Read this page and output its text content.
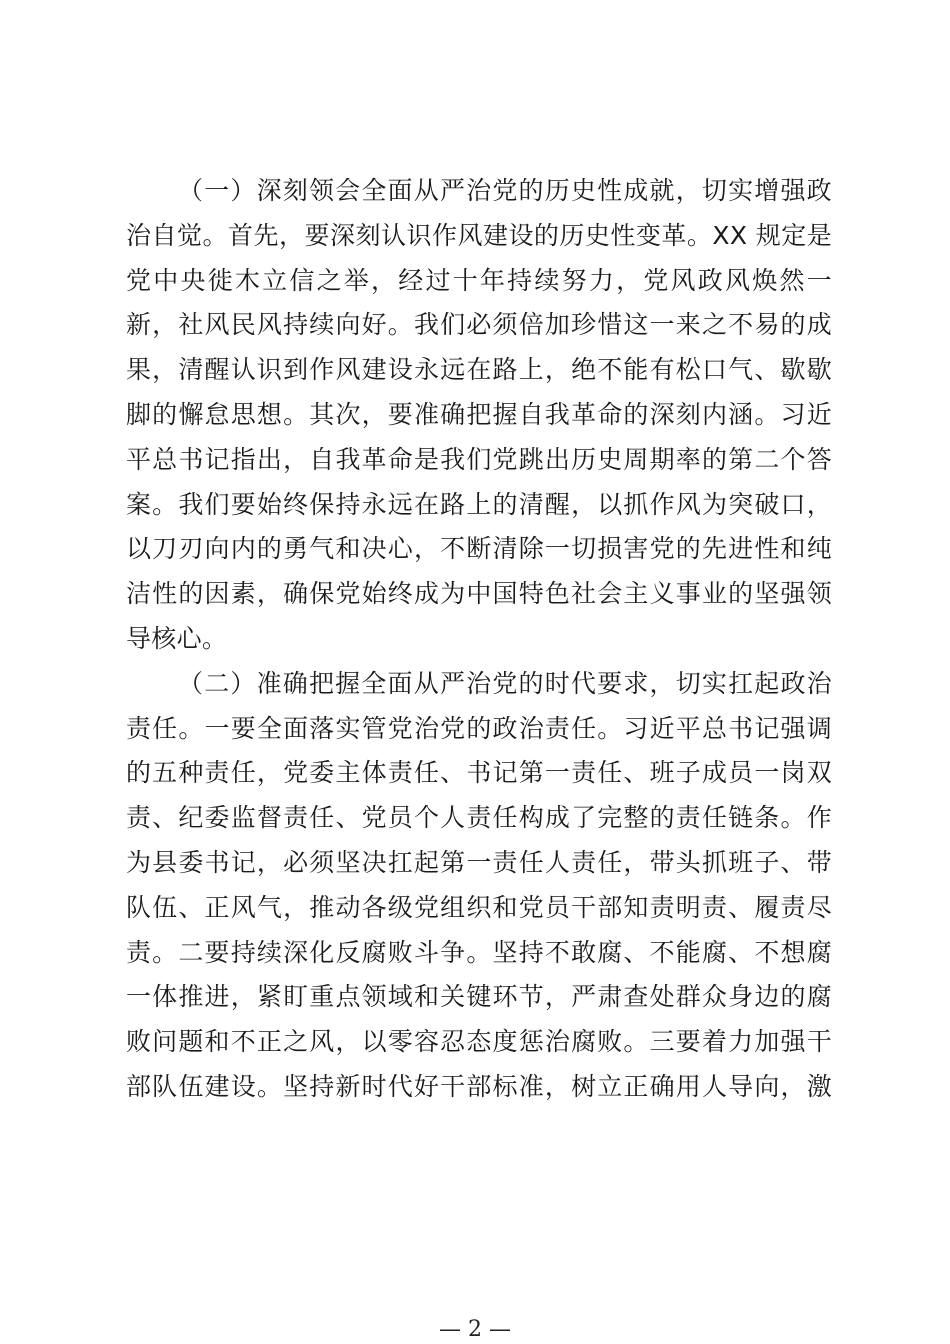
（一）深刻领会全面从严治党的历史性成就，切实增强政
治自觉。首先，要深刻认识作风建设的历史性变革。XX 规定是
党中央徙木立信之举，经过十年持续努力，党风政风焕然一
新，社风民风持续向好。我们必须倍加珍惜这一来之不易的成
果，清醒认识到作风建设永远在路上，绝不能有松口气、歇歇
脚的懈怠思想。其次，要准确把握自我革命的深刻内涵。习近
平总书记指出，自我革命是我们党跳出历史周期率的第二个答
案。我们要始终保持永远在路上的清醒，以抓作风为突破口，
以刀刃向内的勇气和决心，不断清除一切损害党的先进性和纯
洁性的因素，确保党始终成为中国特色社会主义事业的坚强领
导核心。
（二）准确把握全面从严治党的时代要求，切实扛起政治
责任。一要全面落实管党治党的政治责任。习近平总书记强调
的五种责任，党委主体责任、书记第一责任、班子成员一岗双
责、纪委监督责任、党员个人责任构成了完整的责任链条。作
为县委书记，必须坚决扛起第一责任人责任，带头抓班子、带
队伍、正风气，推动各级党组织和党员干部知责明责、履责尽
责。二要持续深化反腐败斗争。坚持不敢腐、不能腐、不想腐
一体推进，紧盯重点领域和关键环节，严肃查处群众身边的腐
败问题和不正之风，以零容忍态度惩治腐败。三要着力加强干
部队伍建设。坚持新时代好干部标准，树立正确用人导向，激
— 2 —
